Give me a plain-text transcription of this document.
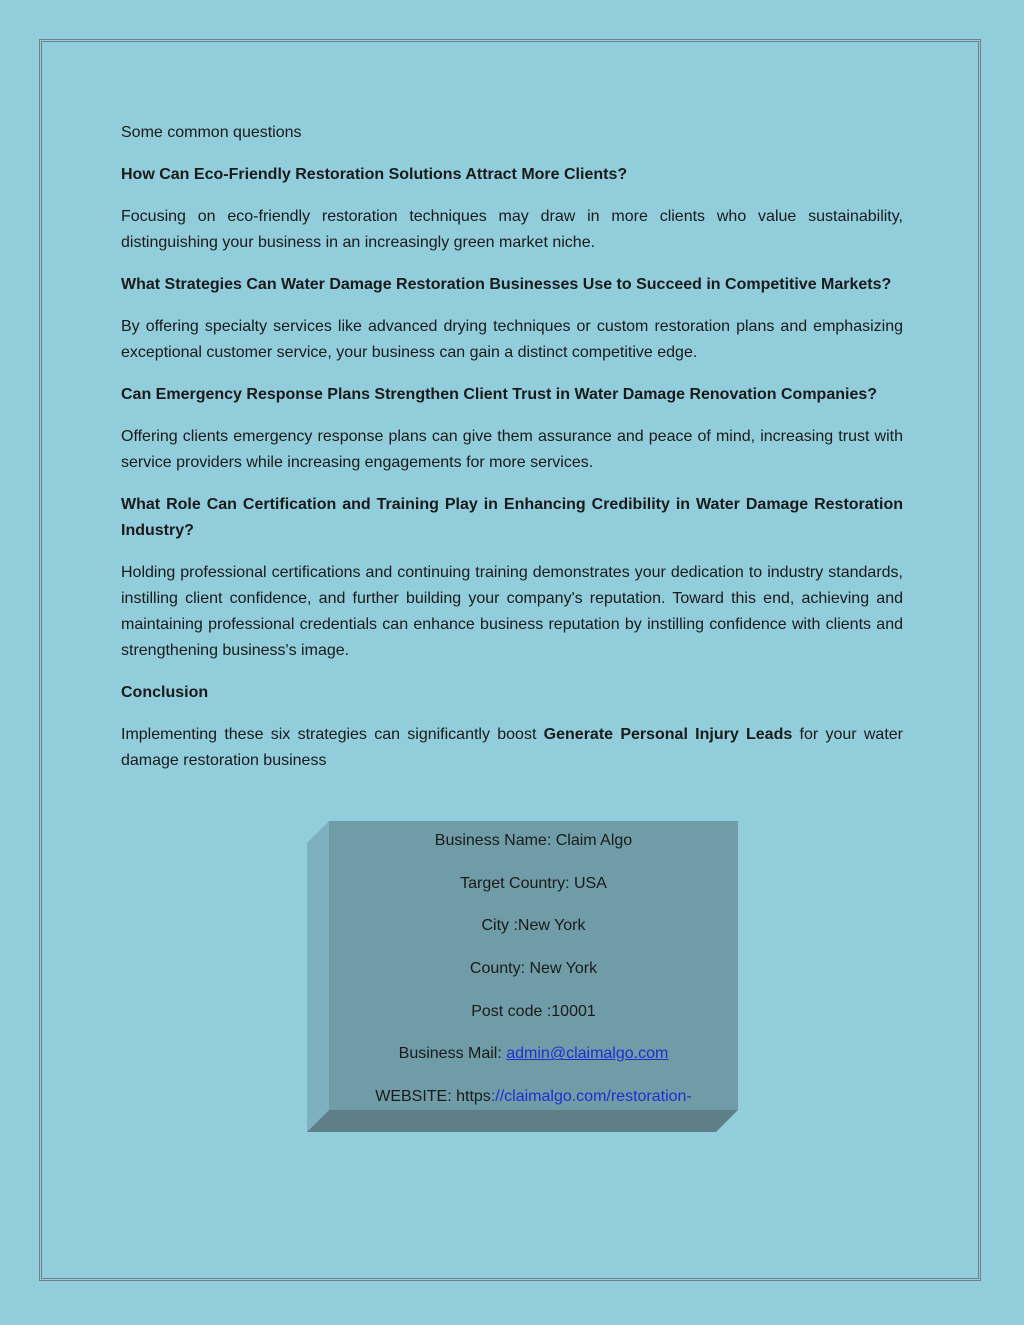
Some common questions

How Can Eco-Friendly Restoration Solutions Attract More Clients?

Focusing on eco-friendly restoration techniques may draw in more clients who value sustainability, distinguishing your business in an increasingly green market niche.

What Strategies Can Water Damage Restoration Businesses Use to Succeed in Competitive Markets?

By offering specialty services like advanced drying techniques or custom restoration plans and emphasizing exceptional customer service, your business can gain a distinct competitive edge.

Can Emergency Response Plans Strengthen Client Trust in Water Damage Renovation Companies?

Offering clients emergency response plans can give them assurance and peace of mind, increasing trust with service providers while increasing engagements for more services.

What Role Can Certification and Training Play in Enhancing Credibility in Water Damage Restoration Industry?

Holding professional certifications and continuing training demonstrates your dedication to industry standards, instilling client confidence, and further building your company's reputation. Toward this end, achieving and maintaining professional credentials can enhance business reputation by instilling confidence with clients and strengthening business's image.

Conclusion

Implementing these six strategies can significantly boost Generate Personal Injury Leads for your water damage restoration business

Business Name: Claim Algo
Target Country: USA
City :New York
County: New York
Post code :10001
Business Mail: admin@claimalgo.com
WEBSITE: https://claimalgo.com/restoration-
